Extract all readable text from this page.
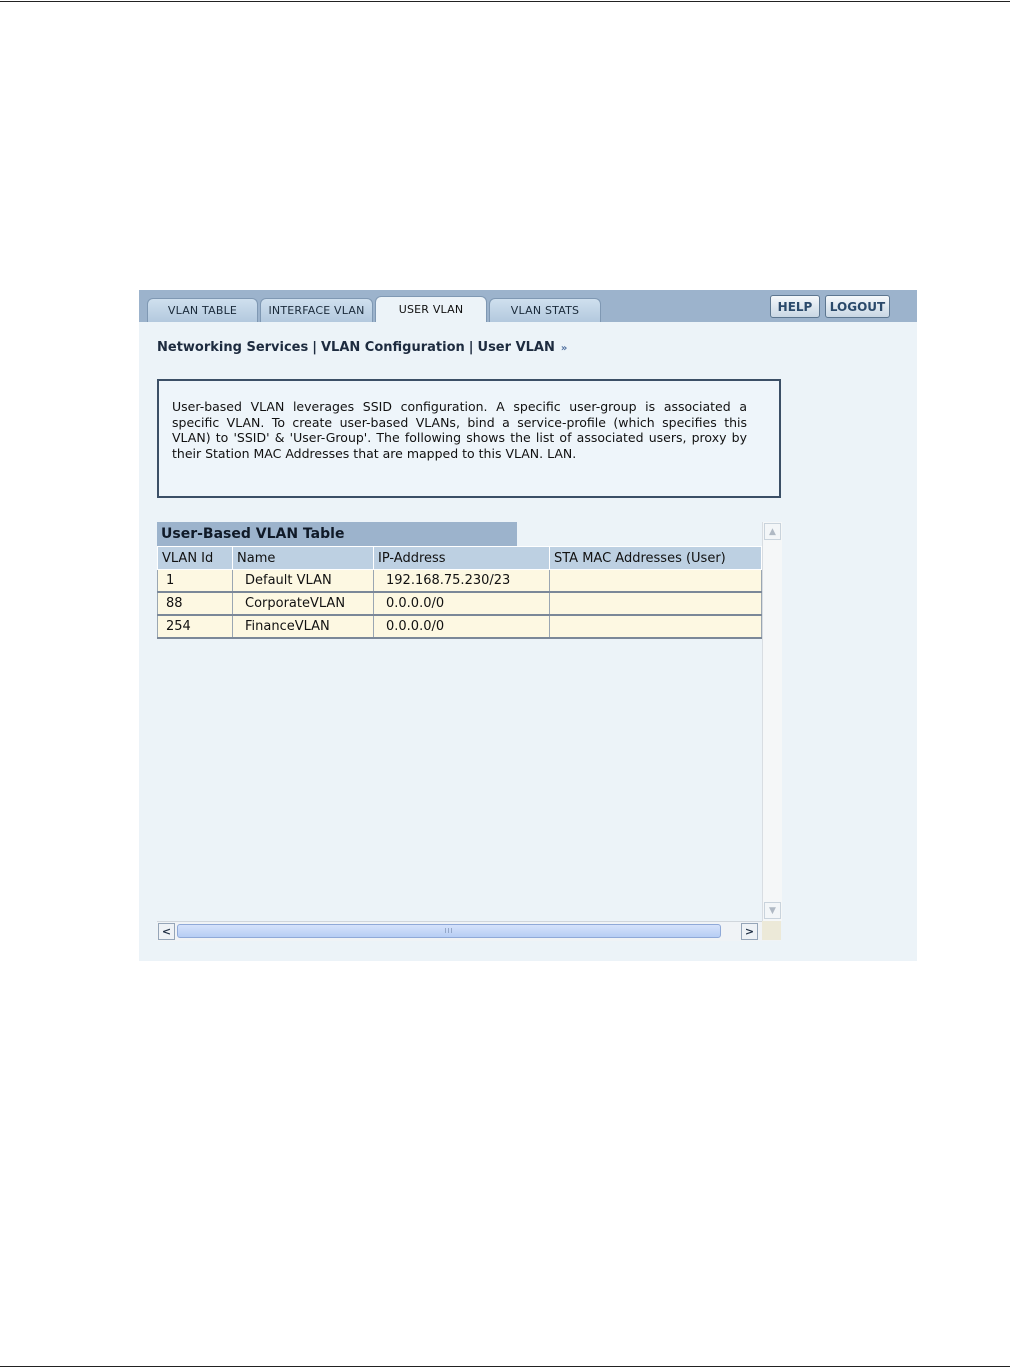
VLAN TABLE	INTERFACE VLAN	USER VLAN	VLAN STATS	HELP	LOGOUT
Networking Services | VLAN Configuration | User VLAN »

User-based VLAN leverages SSID configuration. A specific user-group is associated a specific VLAN. To create user-based VLANs, bind a service-profile (which specifies this VLAN) to 'SSID' & 'User-Group'. The following shows the list of associated users, proxy by their Station MAC Addresses that are mapped to this VLAN. LAN.

User-Based VLAN Table
VLAN Id	Name	IP-Address	STA MAC Addresses (User)
1	Default VLAN	192.168.75.230/23	
88	CorporateVLAN	0.0.0.0/0	
254	FinanceVLAN	0.0.0.0/0	
▲
▼
<	III	>
